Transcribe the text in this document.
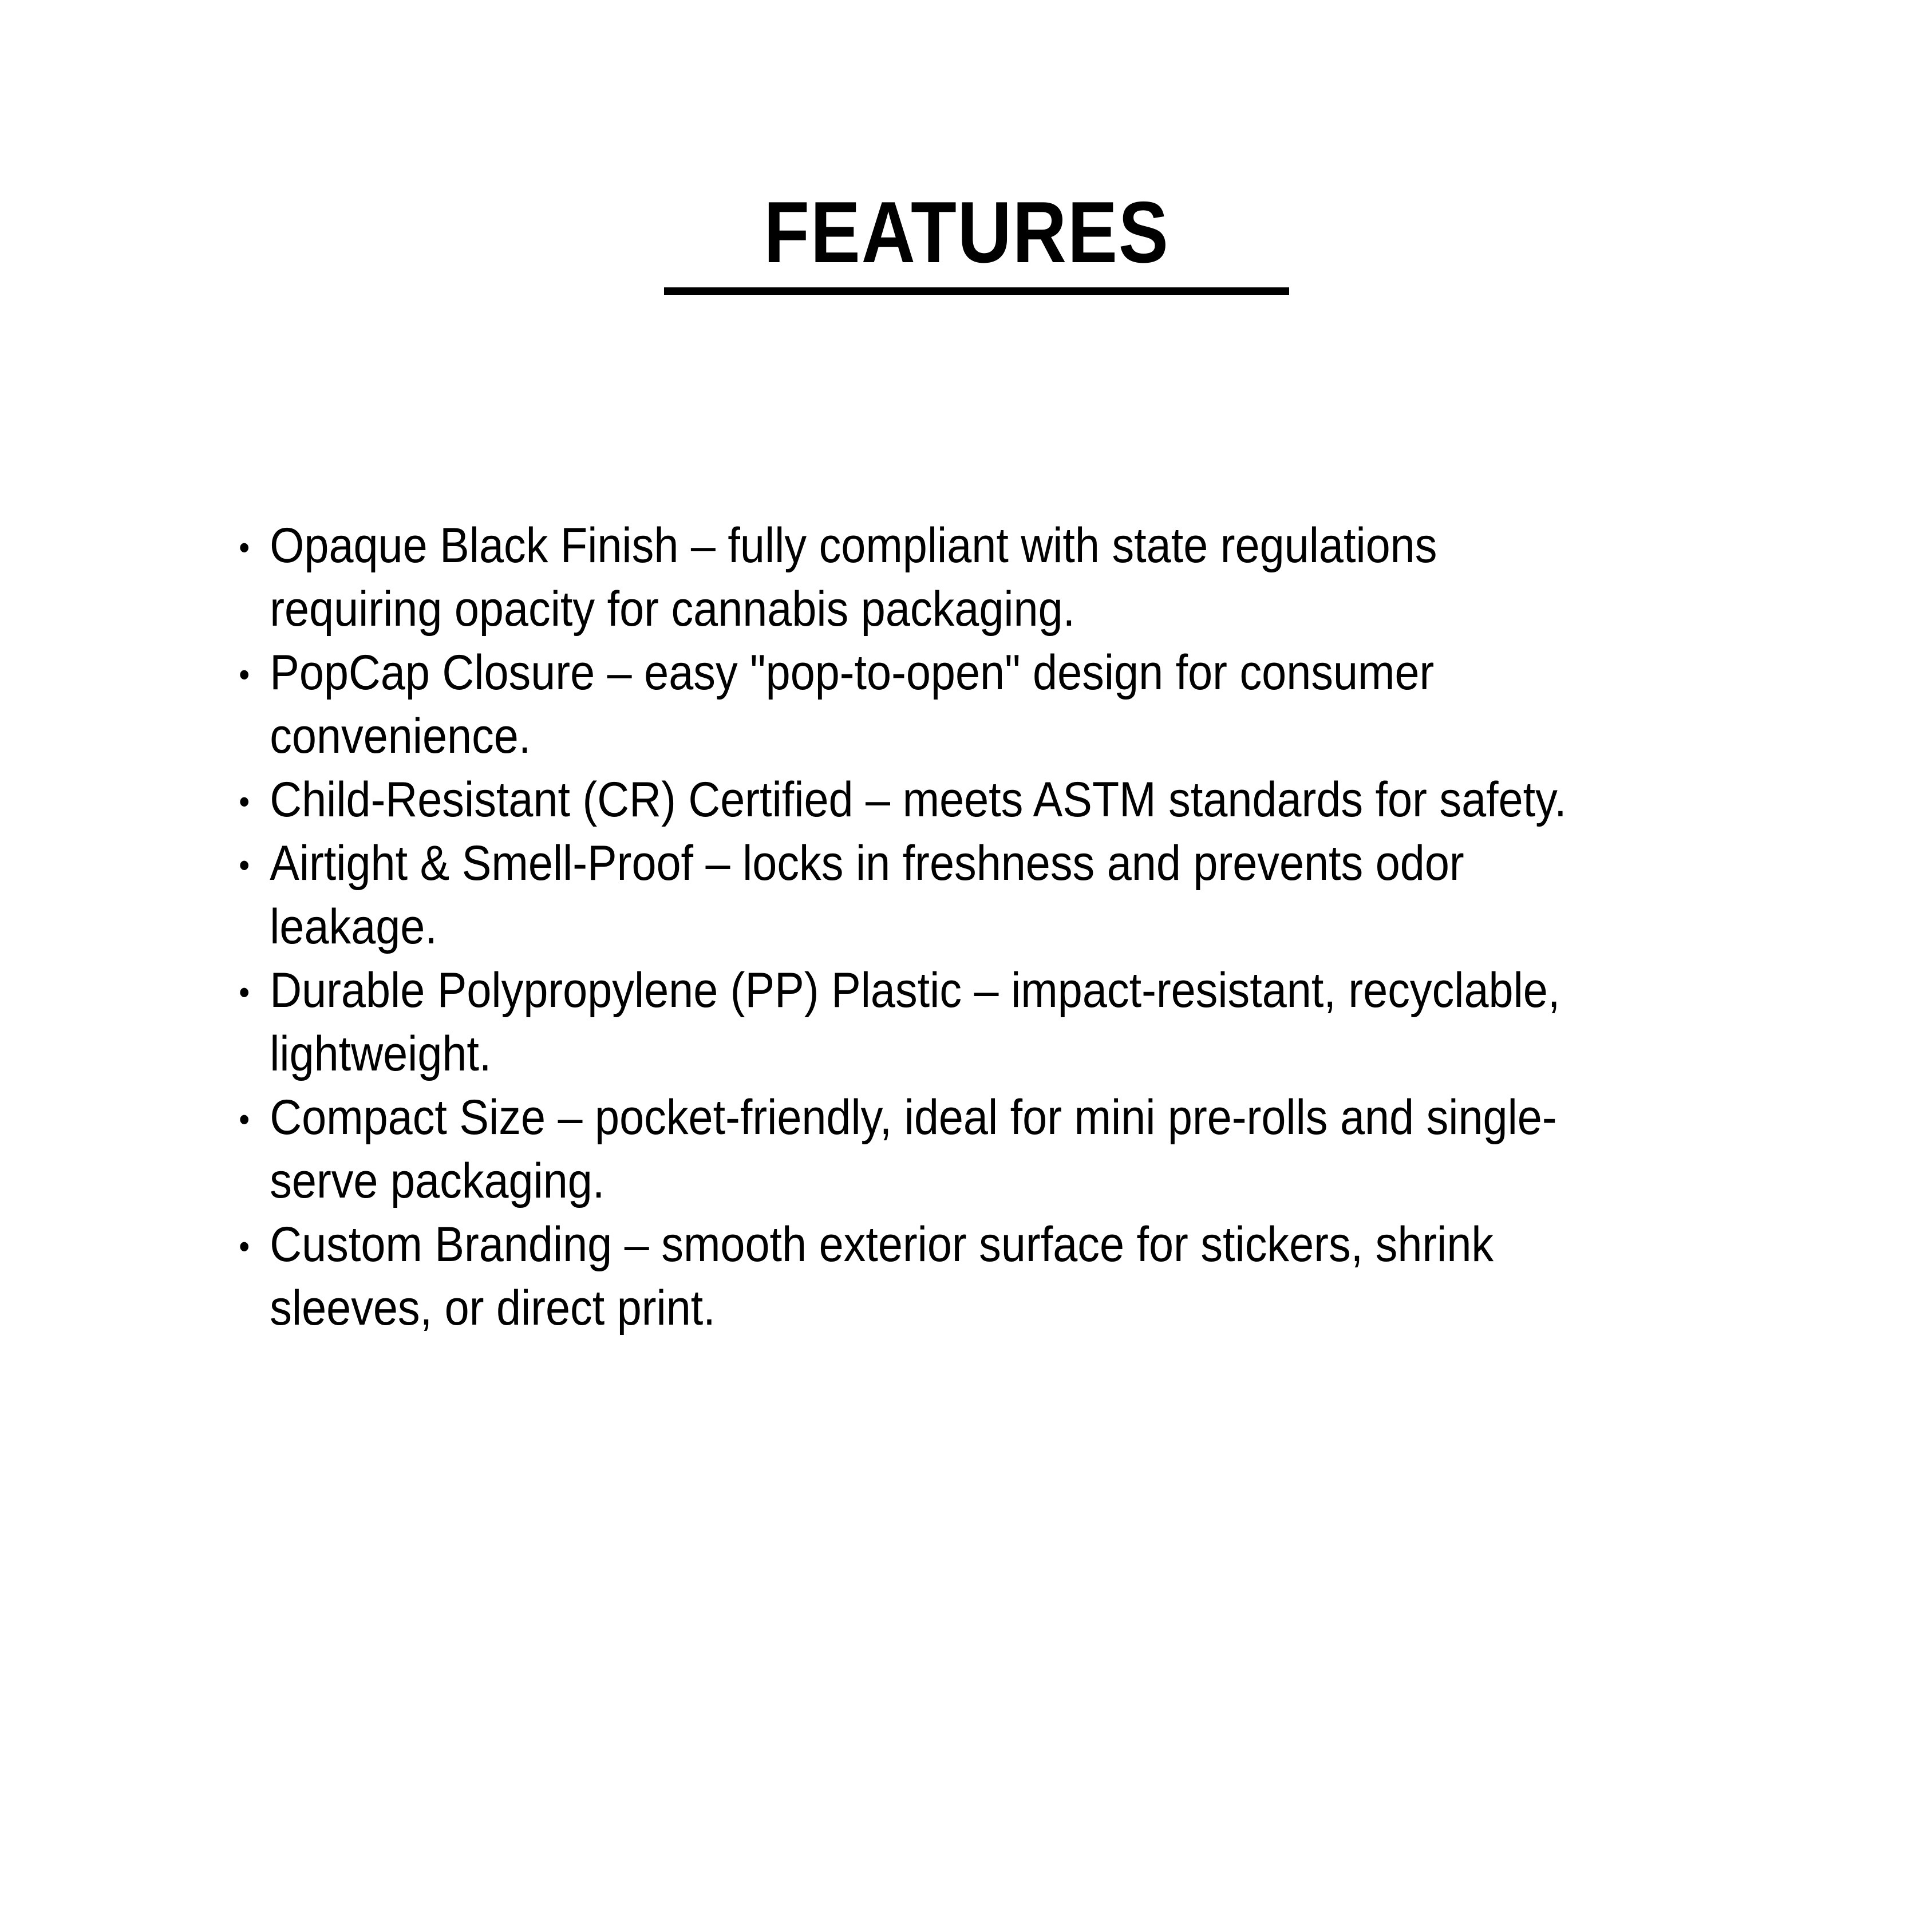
FEATURES
• Opaque Black Finish – fully compliant with state regulations
requiring opacity for cannabis packaging.
• PopCap Closure – easy "pop-to-open" design for consumer
convenience.
• Child-Resistant (CR) Certified – meets ASTM standards for safety.
• Airtight & Smell-Proof – locks in freshness and prevents odor
leakage.
• Durable Polypropylene (PP) Plastic – impact-resistant, recyclable,
lightweight.
• Compact Size – pocket-friendly, ideal for mini pre-rolls and single-
serve packaging.
• Custom Branding – smooth exterior surface for stickers, shrink
sleeves, or direct print.
